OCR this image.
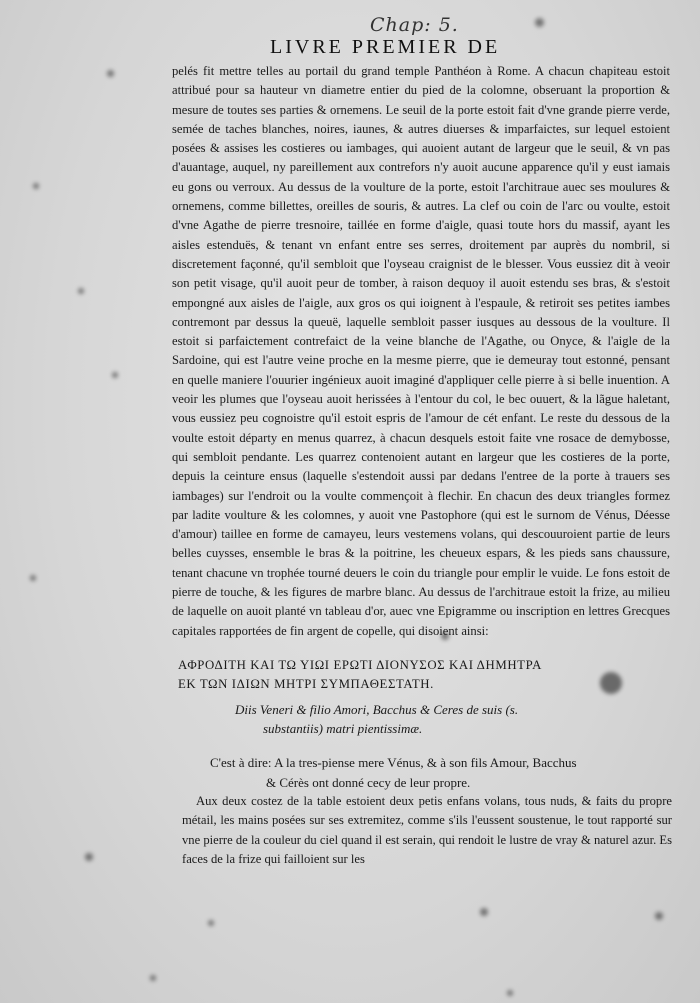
Chap: 5.
LIVRE PREMIER DE

pelés fit mettre telles au portail du grand temple Panthéon à Rome. A chacun chapiteau estoit attribué pour sa hauteur vn diametre entier du pied de la colomne, obseruant la proportion & mesure de toutes ses parties & ornemens. Le seuil de la porte estoit fait d'vne grande pierre verde, semée de taches blanches, noires, iaunes, & autres diuerses & imparfaictes, sur lequel estoient posées & assises les costieres ou iambages, qui auoient autant de largeur que le seuil, & vn pas d'auantage, auquel, ny pareillement aux contrefors n'y auoit aucune apparence qu'il y eust iamais eu gons ou verroux. Au dessus de la voulture de la porte, estoit l'architraue auec ses moulures & ornemens, comme billettes, oreilles de souris, & autres. La clef ou coin de l'arc ou voulte, estoit d'vne Agathe de pierre tresnoire, taillée en forme d'aigle, quasi toute hors du massif, ayant les aisles estenduës, & tenant vn enfant entre ses serres, droitement par auprès du nombril, si discretement façonné, qu'il sembloit que l'oyseau craignist de le blesser. Vous eussiez dit à veoir son petit visage, qu'il auoit peur de tomber, à raison dequoy il auoit estendu ses bras, & s'estoit empongné aux aisles de l'aigle, aux gros os qui ioignent à l'espaule, & retiroit ses petites iambes contremont par dessus la queuë, laquelle sembloit passer iusques au dessous de la voulture. Il estoit si parfaictement contrefaict de la veine blanche de l'Agathe, ou Onyce, & l'aigle de la Sardoine, qui est l'autre veine proche en la mesme pierre, que ie demeuray tout estonné, pensant en quelle maniere l'ouurier ingénieux auoit imaginé d'appliquer celle pierre à si belle inuention. A veoir les plumes que l'oyseau auoit herissées à l'entour du col, le bec ouuert, & la lãgue haletant, vous eussiez peu cognoistre qu'il estoit espris de l'amour de cét enfant. Le reste du dessous de la voulte estoit départy en menus quarrez, à chacun desquels estoit faite vne rosace de demybosse, qui sembloit pendante. Les quarrez contenoient autant en largeur que les costieres de la porte, depuis la ceinture ensus (laquelle s'estendoit aussi par dedans l'entree de la porte à trauers ses iambages) sur l'endroit ou la voulte commençoit à flechir. En chacun des deux triangles formez par ladite voulture & les colomnes, y auoit vne Pastophore (qui est le surnom de Vénus, Déesse d'amour) taillee en forme de camayeu, leurs vestemens volans, qui descouuroient partie de leurs belles cuysses, ensemble le bras & la poitrine, les cheueux espars, & les pieds sans chaussure, tenant chacune vn trophée tourné deuers le coin du triangle pour emplir le vuide. Le fons estoit de pierre de touche, & les figures de marbre blanc. Au dessus de l'architraue estoit la frize, au milieu de laquelle on auoit planté vn tableau d'or, auec vne Epigramme ou inscription en lettres Grecques capitales rapportées de fin argent de copelle, qui disoient ainsi:

ΑΦΡΟΔΙΤΗ ΚΑΙ ΤΩ ΥΙΩΙ ΕΡΩΤΙ ΔΙΟΝΥΣΟΣ ΚΑΙ ΔΗΜΗΤΡΑ
ΕΚ ΤΩΝ ΙΔΙΩΝ ΜΗΤΡΙ ΣΥΜΠΑΘΕΣΤΑΤΗ.
Diis Veneri & filio Amori, Bacchus & Ceres de suis (s.
substantiis) matri pientissimæ.
C'est à dire: A la tres-piense mere Vénus, & à son fils Amour, Bacchus
& Cérès ont donné cecy de leur propre.

Aux deux costez de la table estoient deux petis enfans volans, tous nuds, & faits du propre métail, les mains posées sur ses extremitez, comme s'ils l'eussent soustenue, le tout rapporté sur vne pierre de la couleur du ciel quand il est serain, qui rendoit le lustre de vray & naturel azur. Es faces de la frize qui failloient sur les
